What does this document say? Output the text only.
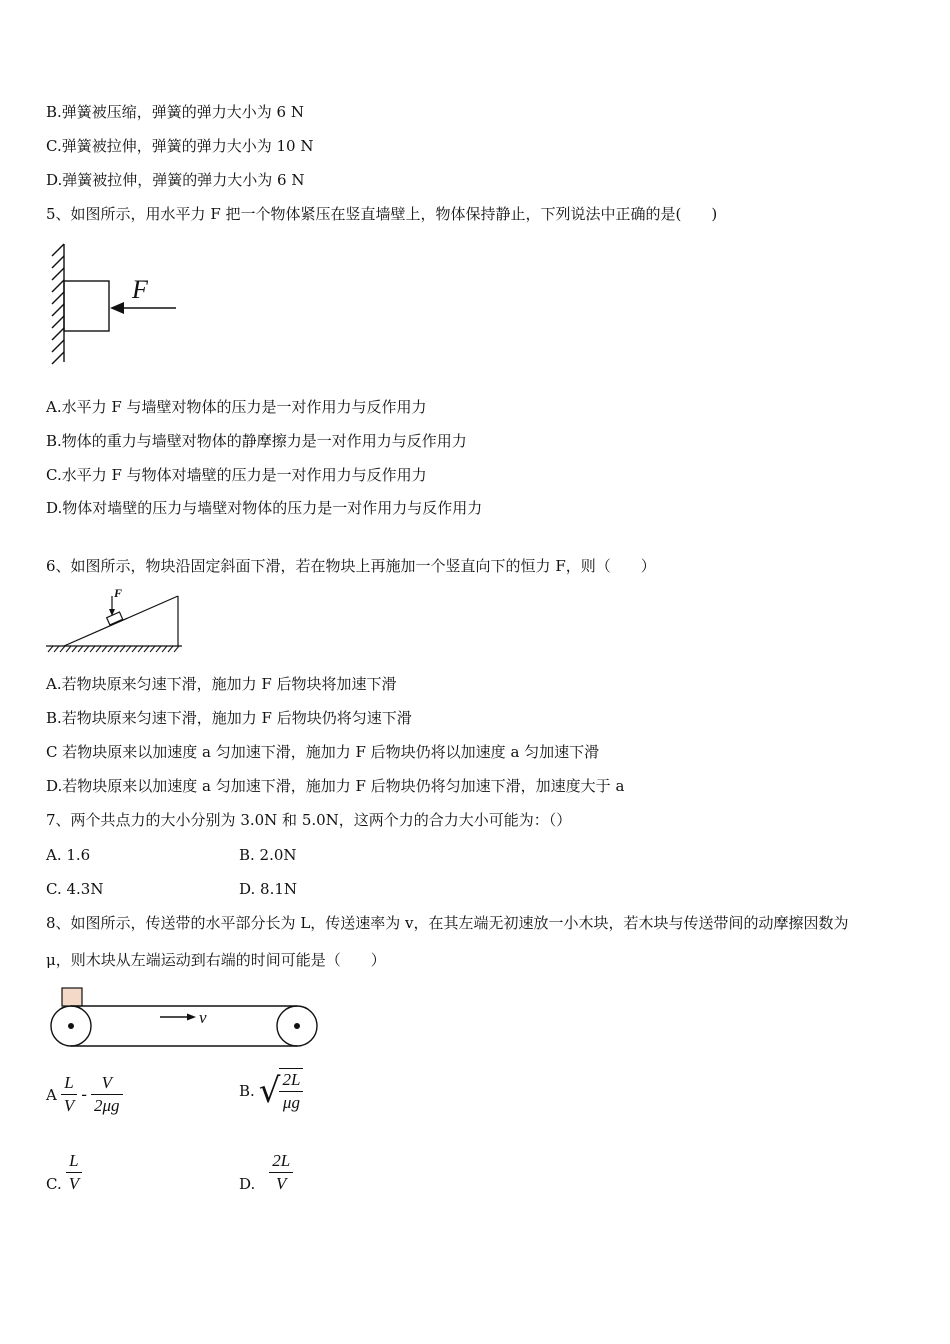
B.弹簧被压缩，弹簧的弹力大小为 6 N
C.弹簧被拉伸，弹簧的弹力大小为 10 N
D.弹簧被拉伸，弹簧的弹力大小为 6 N
5、如图所示，用水平力 F 把一个物体紧压在竖直墙壁上，物体保持静止，下列说法中正确的是(　　)
F
A.水平力 F 与墙壁对物体的压力是一对作用力与反作用力
B.物体的重力与墙壁对物体的静摩擦力是一对作用力与反作用力
C.水平力 F 与物体对墙壁的压力是一对作用力与反作用力
D.物体对墙壁的压力与墙壁对物体的压力是一对作用力与反作用力
6、如图所示，物块沿固定斜面下滑，若在物块上再施加一个竖直向下的恒力 F，则（　　）
F
A.若物块原来匀速下滑，施加力 F 后物块将加速下滑
B.若物块原来匀速下滑，施加力 F 后物块仍将匀速下滑
C 若物块原来以加速度 a 匀加速下滑，施加力 F 后物块仍将以加速度 a 匀加速下滑
D.若物块原来以加速度 a 匀加速下滑，施加力 F 后物块仍将匀加速下滑，加速度大于 a
7、两个共点力的大小分别为 3.0N 和 5.0N，这两个力的合力大小可能为：（）
A. 1.6	B. 2.0N
C. 4.3N	D. 8.1N
8、如图所示，传送带的水平部分长为 L，传送速率为 v，在其左端无初速放一小木块，若木块与传送带间的动摩擦因数为
μ，则木块从左端运动到右端的时间可能是（　　）
v
A $\frac{L}{V} - \frac{V}{2\mu g}$	B. √ $\frac{2L}{\mu g}$
C. $\frac{L}{V}$	D. $\frac{2L}{V}$
